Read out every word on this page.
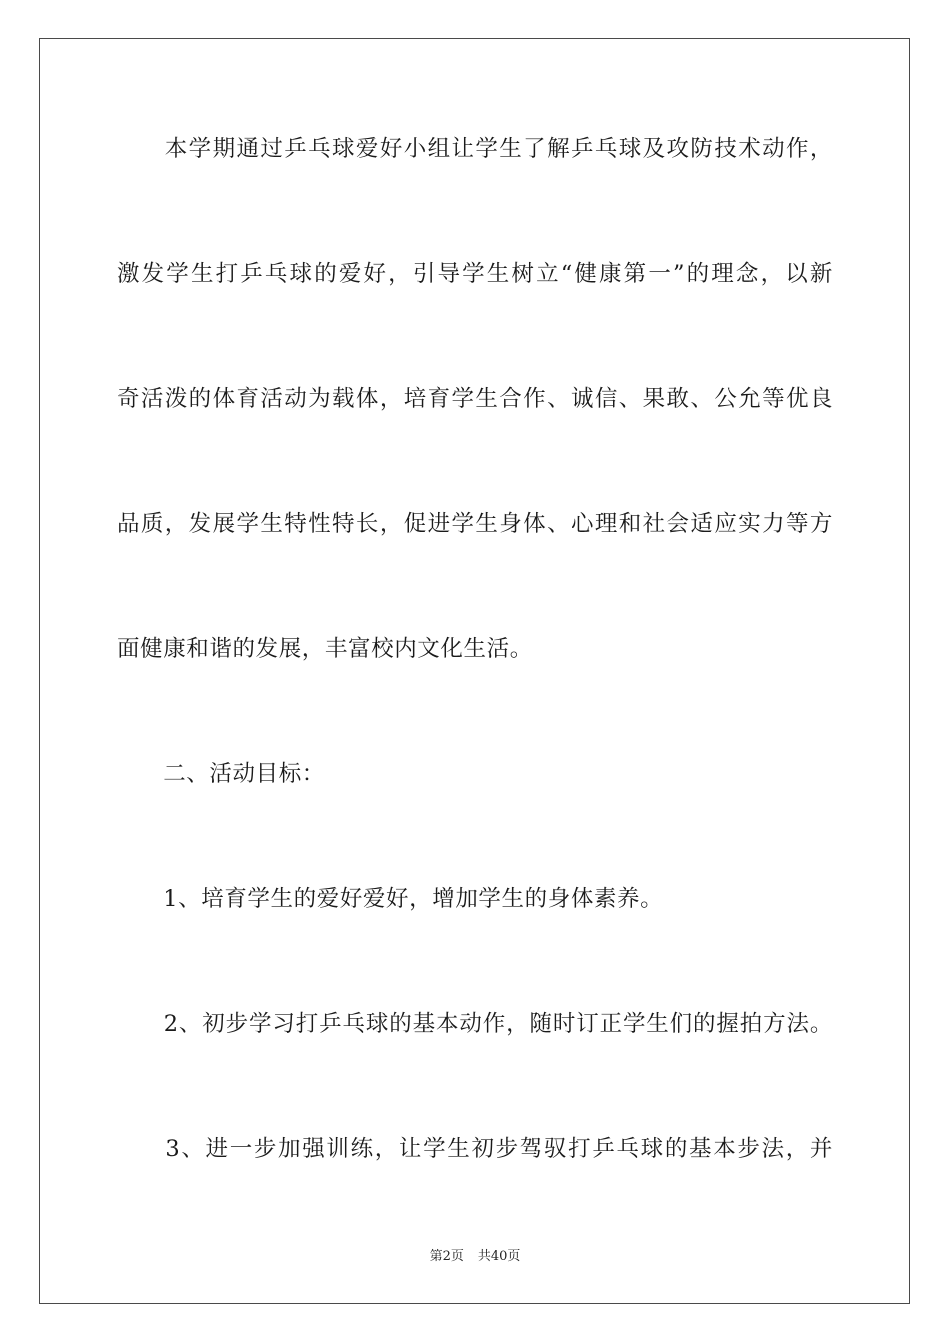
　　本学期通过乒乓球爱好小组让学生了解乒乓球及攻防技术动作，
激发学生打乒乓球的爱好，引导学生树立“健康第一”的理念，以新
奇活泼的体育活动为载体，培育学生合作、诚信、果敢、公允等优良
品质，发展学生特性特长，促进学生身体、心理和社会适应实力等方
面健康和谐的发展，丰富校内文化生活。
　　二、活动目标：
　　1、培育学生的爱好爱好，增加学生的身体素养。
　　2、初步学习打乒乓球的基本动作，随时订正学生们的握拍方法。
　　3、进一步加强训练，让学生初步驾驭打乒乓球的基本步法，并
第2页 共40页
